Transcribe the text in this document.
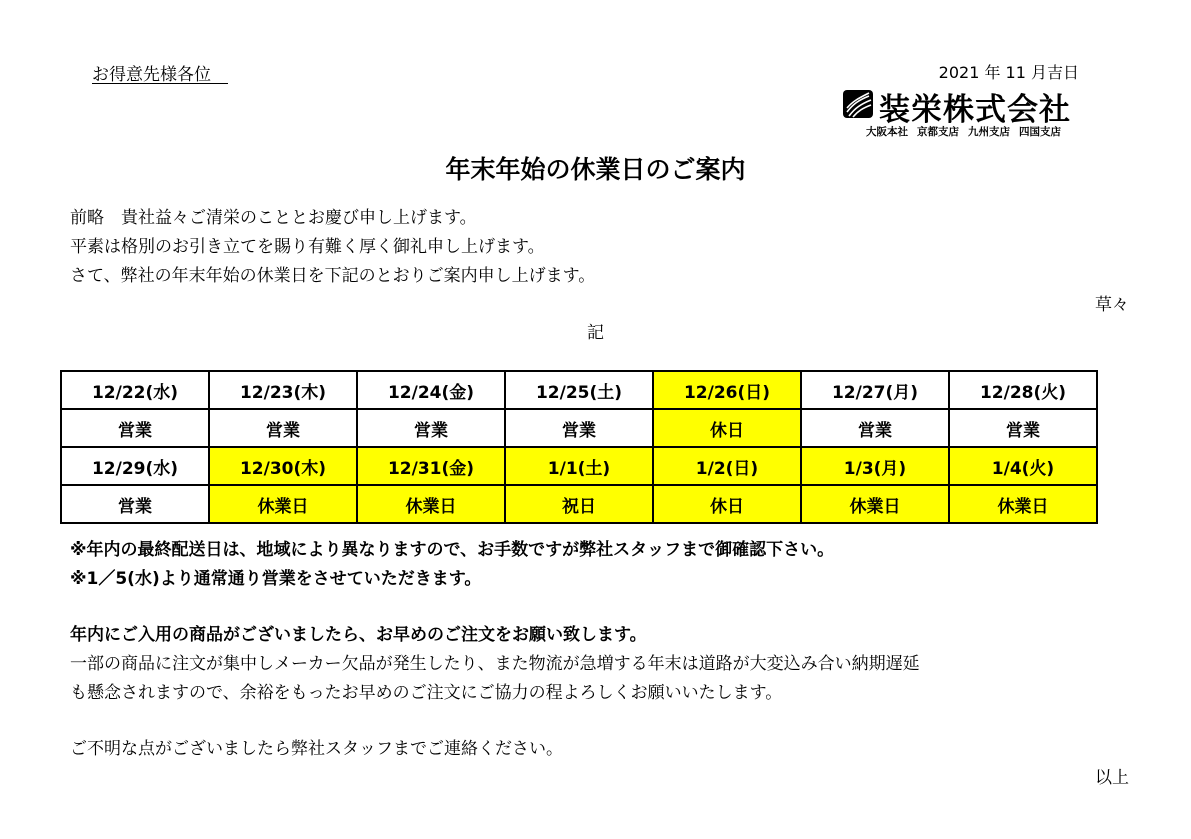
お得意先様各位　	2021 年 11 月吉日
装栄株式会社
大阪本社 京都支店 九州支店 四国支店
年末年始の休業日のご案内
前略　貴社益々ご清栄のこととお慶び申し上げます。
平素は格別のお引き立てを賜り有難く厚く御礼申し上げます。
さて、弊社の年末年始の休業日を下記のとおりご案内申し上げます。
草々
記
12/22(水)	12/23(木)	12/24(金)	12/25(土)	12/26(日)	12/27(月)	12/28(火)
営業	営業	営業	営業	休日	営業	営業
12/29(水)	12/30(木)	12/31(金)	1/1(土)	1/2(日)	1/3(月)	1/4(火)
営業	休業日	休業日	祝日	休日	休業日	休業日
※年内の最終配送日は、地域により異なりますので、お手数ですが弊社スタッフまで御確認下さい。
※1／5(水)より通常通り営業をさせていただきます。
年内にご入用の商品がございましたら、お早めのご注文をお願い致します。
一部の商品に注文が集中しメーカー欠品が発生したり、また物流が急増する年末は道路が大変込み合い納期遅延
も懸念されますので、余裕をもったお早めのご注文にご協力の程よろしくお願いいたします。
ご不明な点がございましたら弊社スタッフまでご連絡ください。
以上
